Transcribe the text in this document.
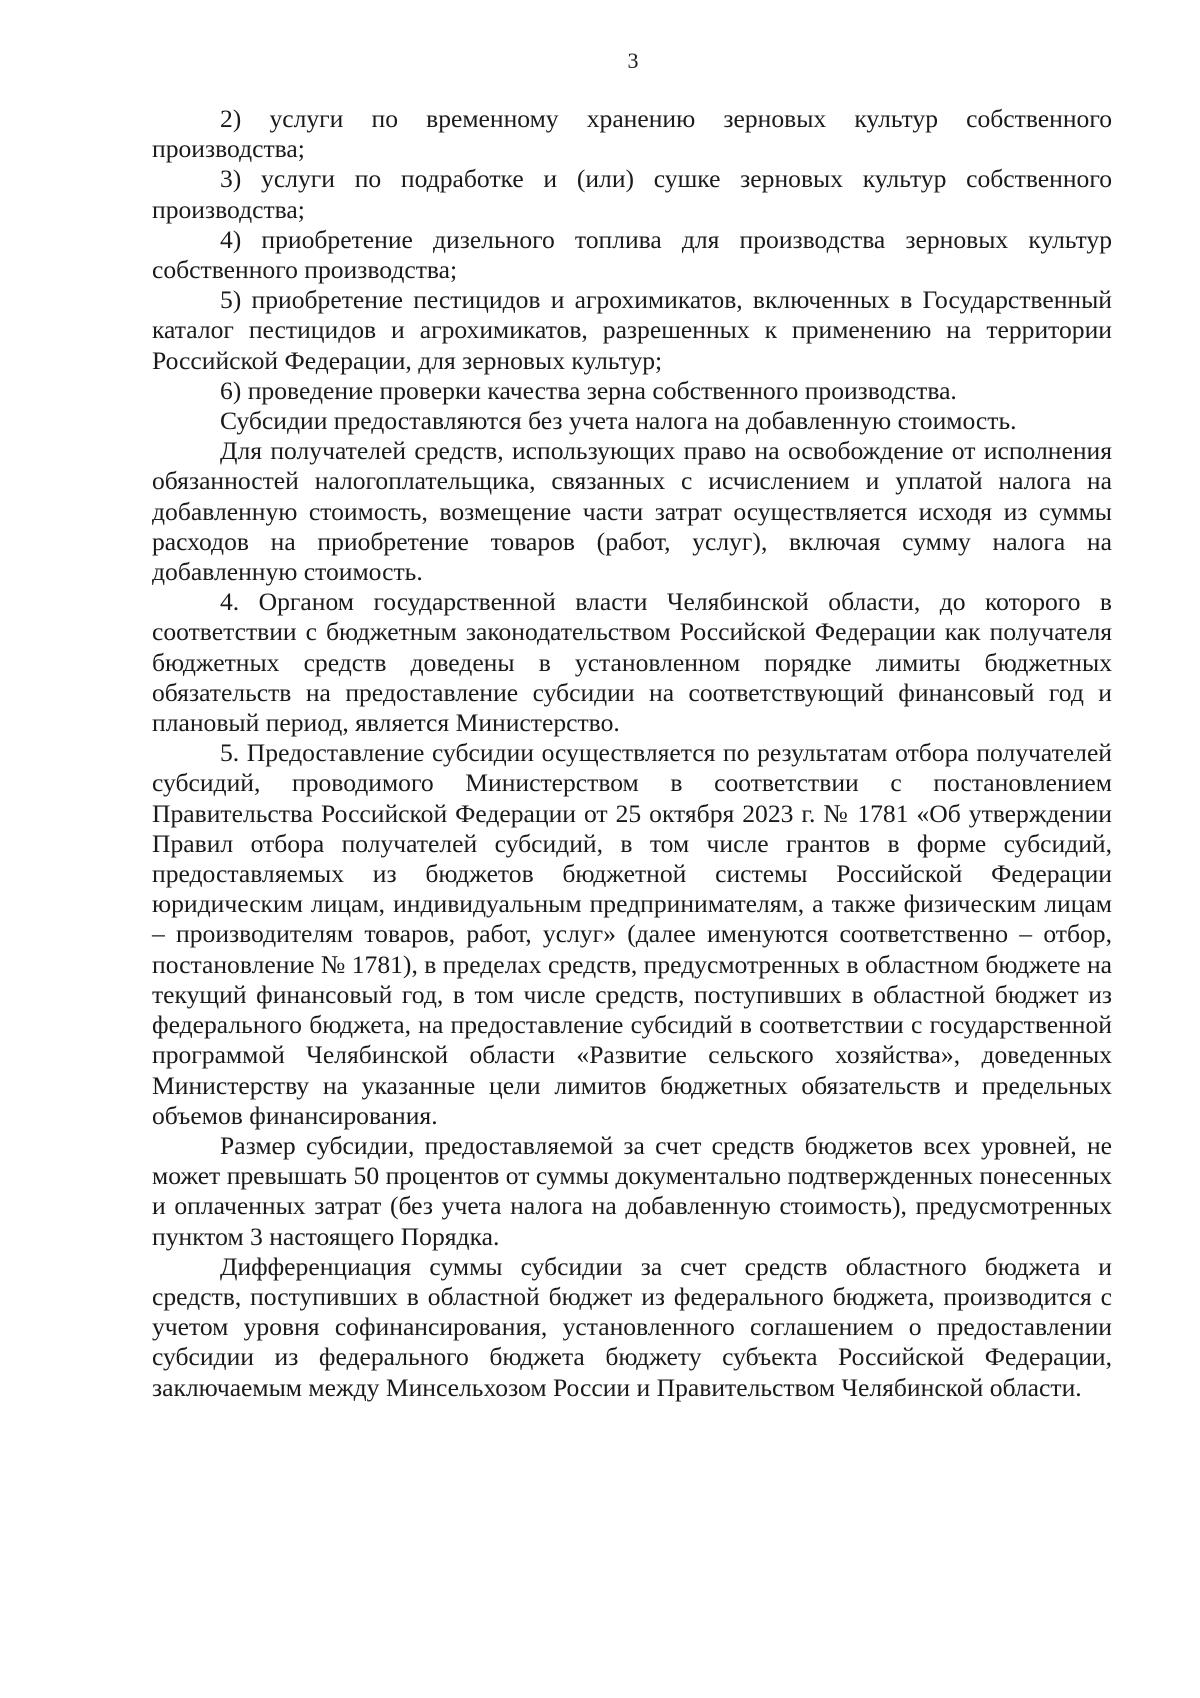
3

2) услуги по временному хранению зерновых культур собственного производства;

3) услуги по подработке и (или) сушке зерновых культур собственного производства;

4) приобретение дизельного топлива для производства зерновых культур собственного производства;

5) приобретение пестицидов и агрохимикатов, включенных в Государственный каталог пестицидов и агрохимикатов, разрешенных к применению на территории Российской Федерации, для зерновых культур;

6) проведение проверки качества зерна собственного производства.

Субсидии предоставляются без учета налога на добавленную стоимость.

Для получателей средств, использующих право на освобождение от исполнения обязанностей налогоплательщика, связанных с исчислением и уплатой налога на добавленную стоимость, возмещение части затрат осуществляется исходя из суммы расходов на приобретение товаров (работ, услуг), включая сумму налога на добавленную стоимость.

4. Органом государственной власти Челябинской области, до которого в соответствии с бюджетным законодательством Российской Федерации как получателя бюджетных средств доведены в установленном порядке лимиты бюджетных обязательств на предоставление субсидии на соответствующий финансовый год и плановый период, является Министерство.

5. Предоставление субсидии осуществляется по результатам отбора получателей субсидий, проводимого Министерством в соответствии с постановлением Правительства Российской Федерации от 25 октября 2023 г. № 1781 «Об утверждении Правил отбора получателей субсидий, в том числе грантов в форме субсидий, предоставляемых из бюджетов бюджетной системы Российской Федерации юридическим лицам, индивидуальным предпринимателям, а также физическим лицам – производителям товаров, работ, услуг» (далее именуются соответственно – отбор, постановление № 1781), в пределах средств, предусмотренных в областном бюджете на текущий финансовый год, в том числе средств, поступивших в областной бюджет из федерального бюджета, на предоставление субсидий в соответствии с государственной программой Челябинской области «Развитие сельского хозяйства», доведенных Министерству на указанные цели лимитов бюджетных обязательств и предельных объемов финансирования.

Размер субсидии, предоставляемой за счет средств бюджетов всех уровней, не может превышать 50 процентов от суммы документально подтвержденных понесенных и оплаченных затрат (без учета налога на добавленную стоимость), предусмотренных пунктом 3 настоящего Порядка.

Дифференциация суммы субсидии за счет средств областного бюджета и средств, поступивших в областной бюджет из федерального бюджета, производится с учетом уровня софинансирования, установленного соглашением о предоставлении субсидии из федерального бюджета бюджету субъекта Российской Федерации, заключаемым между Минсельхозом России и Правительством Челябинской области.
